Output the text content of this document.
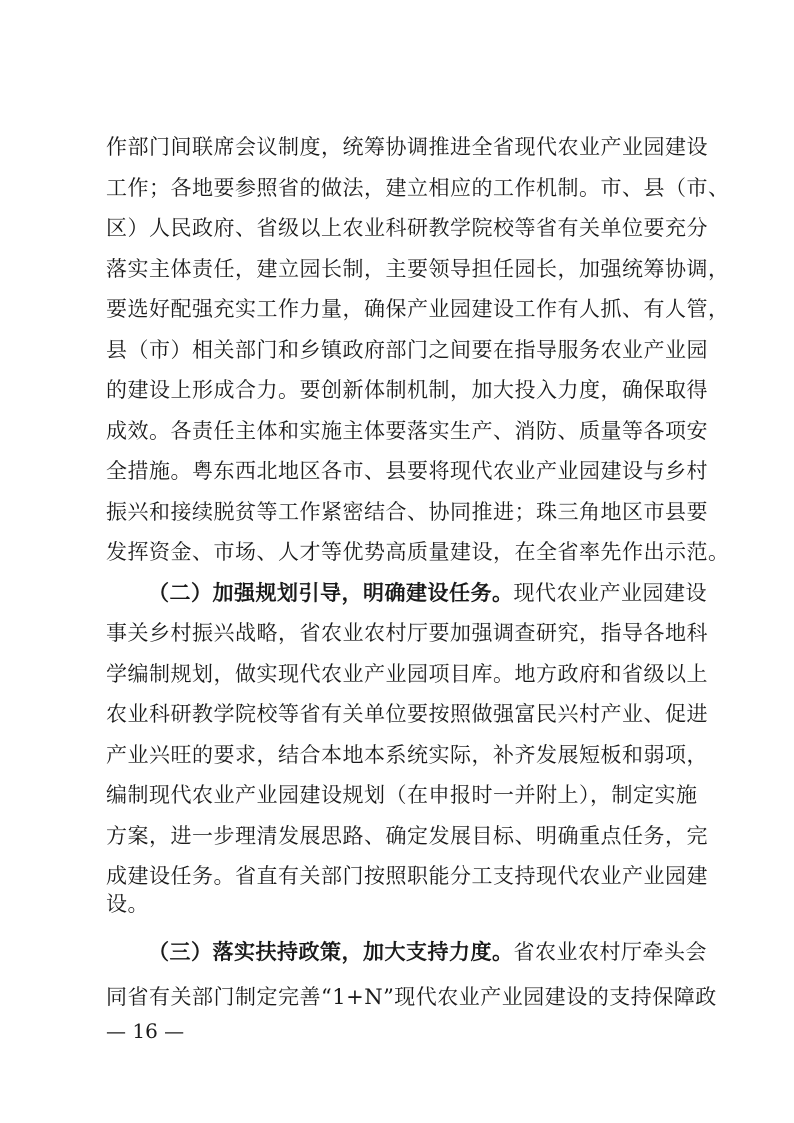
作部门间联席会议制度，统筹协调推进全省现代农业产业园建设
工作；各地要参照省的做法，建立相应的工作机制。市、县（市、
区）人民政府、省级以上农业科研教学院校等省有关单位要充分
落实主体责任，建立园长制，主要领导担任园长，加强统筹协调，
要选好配强充实工作力量，确保产业园建设工作有人抓、有人管，
县（市）相关部门和乡镇政府部门之间要在指导服务农业产业园
的建设上形成合力。要创新体制机制，加大投入力度，确保取得
成效。各责任主体和实施主体要落实生产、消防、质量等各项安
全措施。粤东西北地区各市、县要将现代农业产业园建设与乡村
振兴和接续脱贫等工作紧密结合、协同推进；珠三角地区市县要
发挥资金、市场、人才等优势高质量建设，在全省率先作出示范。
（二）加强规划引导，明确建设任务。现代农业产业园建设
事关乡村振兴战略，省农业农村厅要加强调查研究，指导各地科
学编制规划，做实现代农业产业园项目库。地方政府和省级以上
农业科研教学院校等省有关单位要按照做强富民兴村产业、促进
产业兴旺的要求，结合本地本系统实际，补齐发展短板和弱项，
编制现代农业产业园建设规划（在申报时一并附上），制定实施
方案，进一步理清发展思路、确定发展目标、明确重点任务，完
成建设任务。省直有关部门按照职能分工支持现代农业产业园建
设。
（三）落实扶持政策，加大支持力度。省农业农村厅牵头会
同省有关部门制定完善“1+N”现代农业产业园建设的支持保障政
— 16 —
